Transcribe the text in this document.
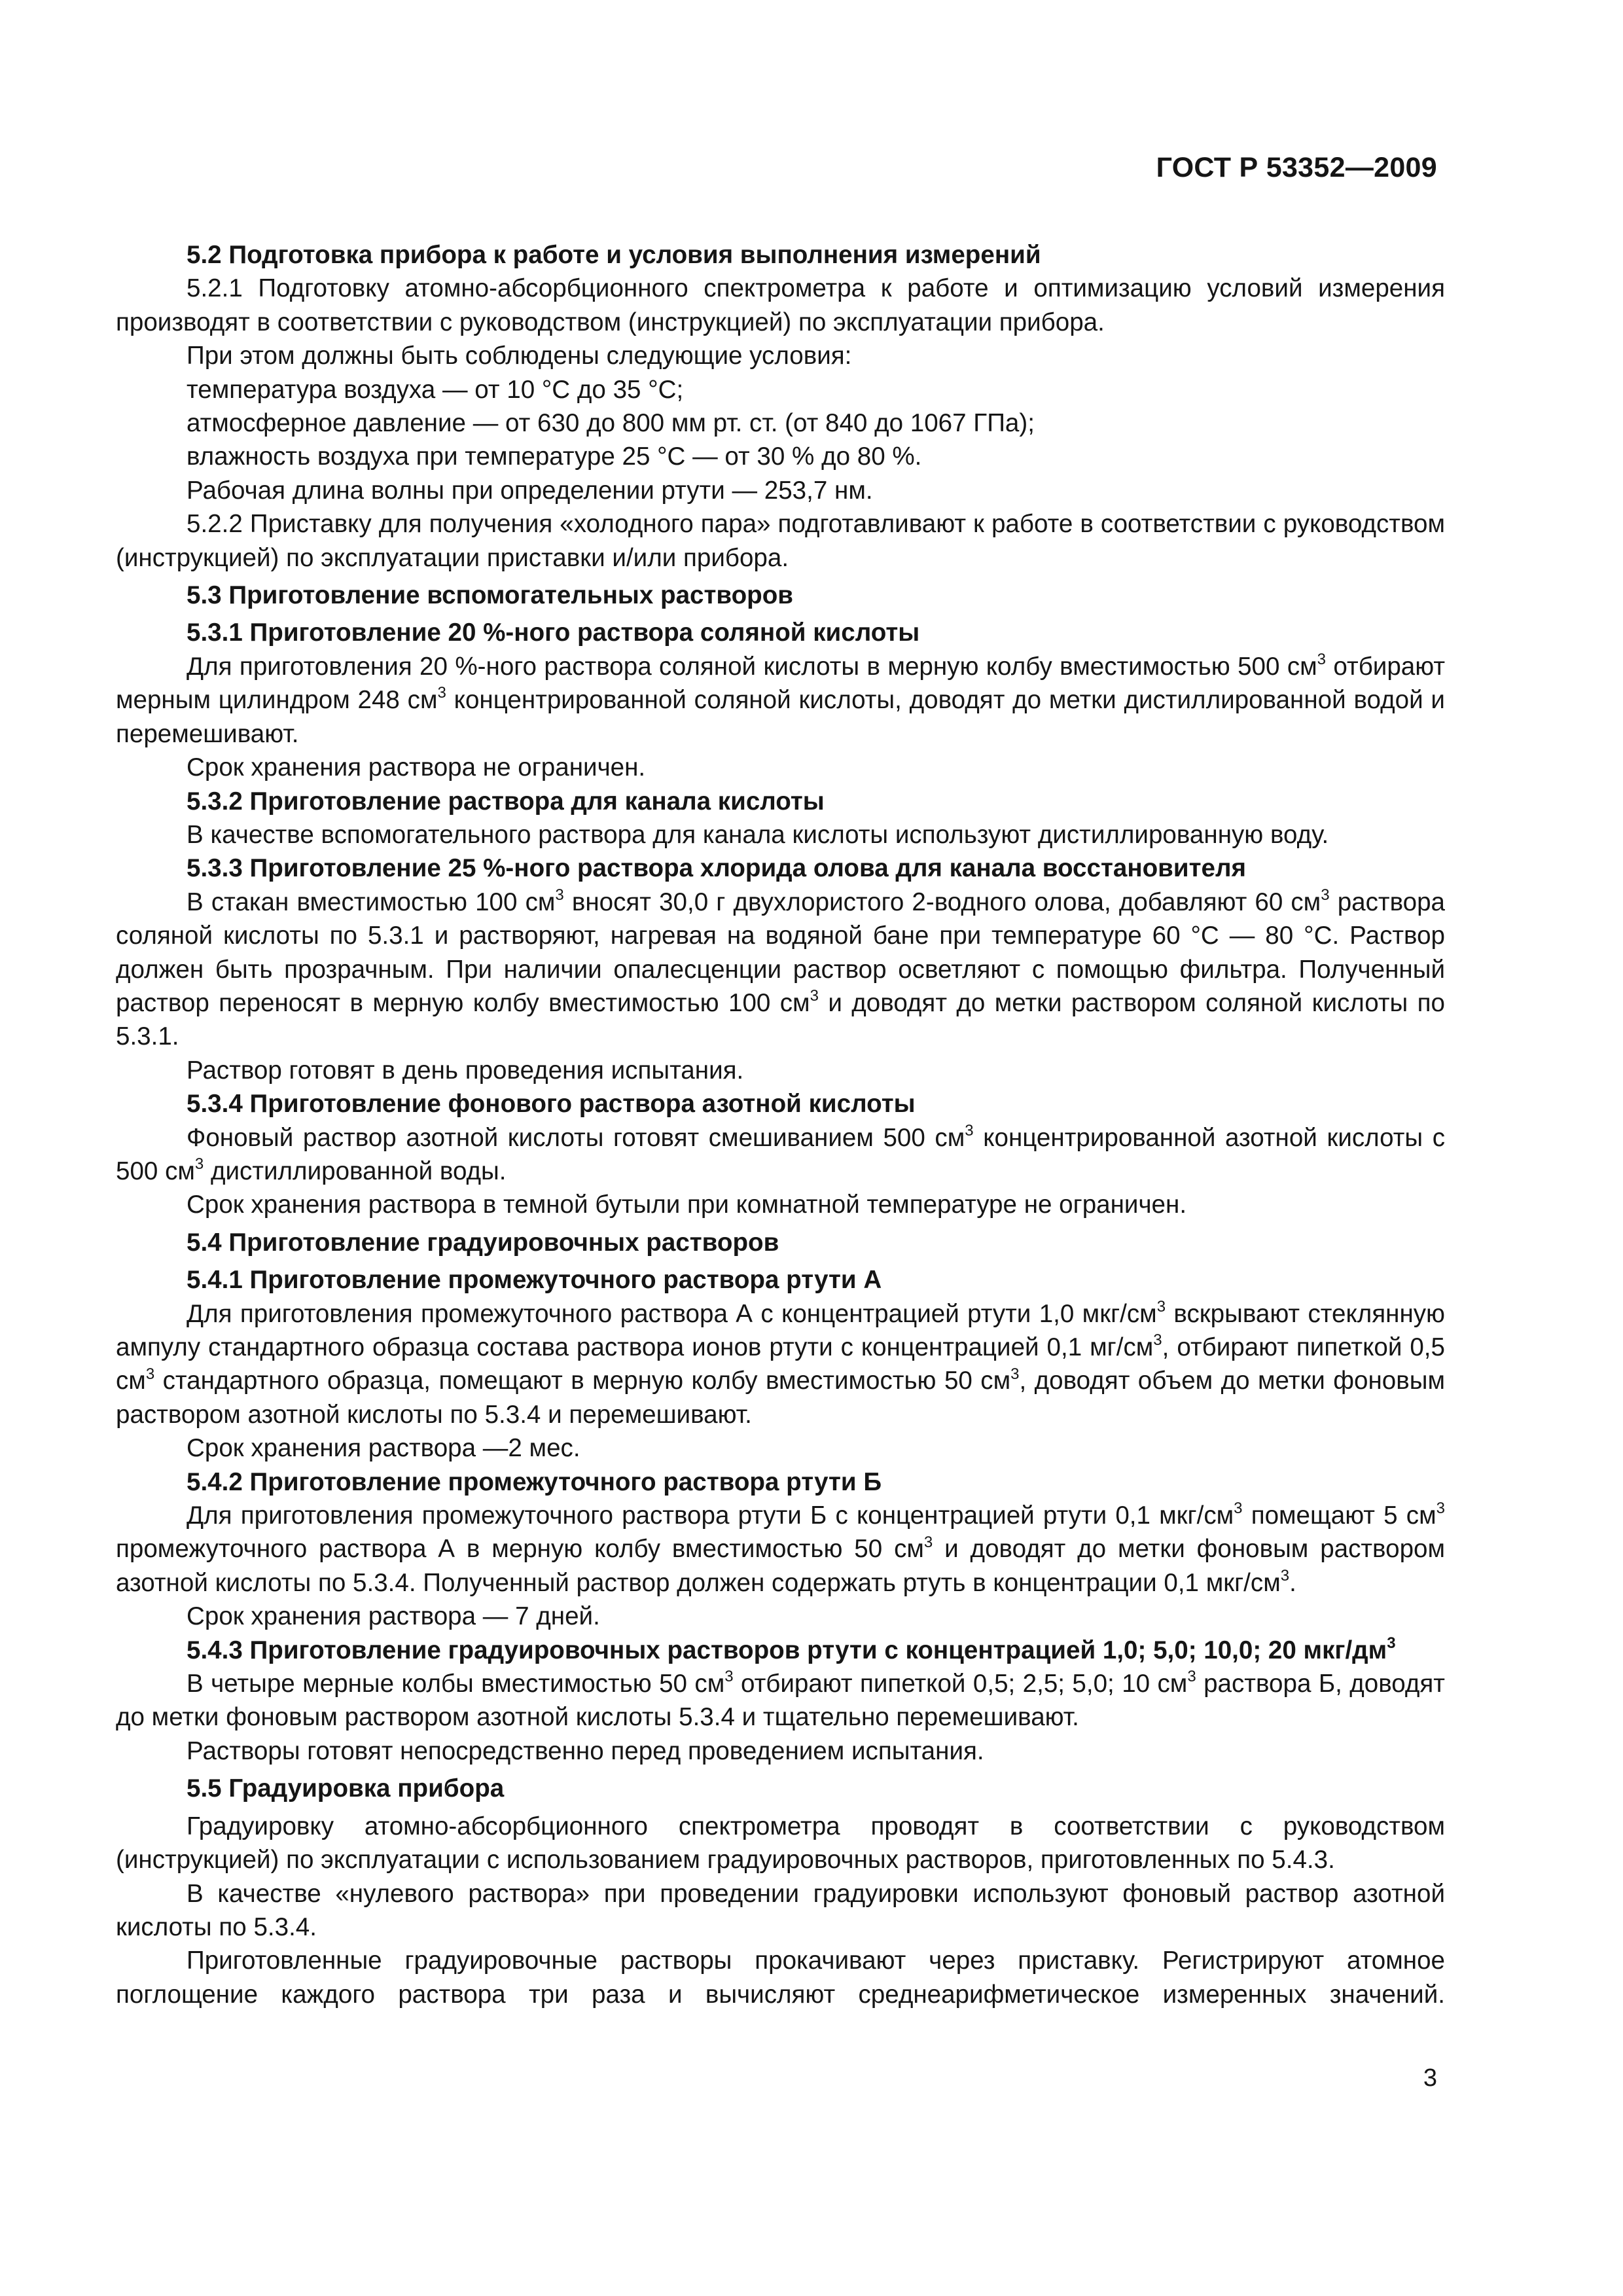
ГОСТ Р 53352—2009
5.2 Подготовка прибора к работе и условия выполнения измерений
5.2.1 Подготовку атомно-абсорбционного спектрометра к работе и оптимизацию условий измерения производят в соответствии с руководством (инструкцией) по эксплуатации прибора.
При этом должны быть соблюдены следующие условия:
температура воздуха — от 10 °С до 35 °С;
атмосферное давление — от 630 до 800 мм рт. ст. (от 840 до 1067 ГПа);
влажность воздуха при температуре 25 °С — от 30 % до 80 %.
Рабочая длина волны при определении ртути — 253,7 нм.
5.2.2 Приставку для получения «холодного пара» подготавливают к работе в соответствии с руководством (инструкцией) по эксплуатации приставки и/или прибора.
5.3 Приготовление вспомогательных растворов
5.3.1 Приготовление 20 %-ного раствора соляной кислоты
Для приготовления 20 %-ного раствора соляной кислоты в мерную колбу вместимостью 500 $см^3$ отбирают мерным цилиндром 248 $см^3$ концентрированной соляной кислоты, доводят до метки дистиллированной водой и перемешивают.
Срок хранения раствора не ограничен.
5.3.2 Приготовление раствора для канала кислоты
В качестве вспомогательного раствора для канала кислоты используют дистиллированную воду.
5.3.3 Приготовление 25 %-ного раствора хлорида олова для канала восстановителя
В стакан вместимостью 100 $см^3$ вносят 30,0 г двухлористого 2-водного олова, добавляют 60 $см^3$ раствора соляной кислоты по 5.3.1 и растворяют, нагревая на водяной бане при температуре 60 °С — 80 °С. Раствор должен быть прозрачным. При наличии опалесценции раствор осветляют с помощью фильтра. Полученный раствор переносят в мерную колбу вместимостью 100 $см^3$ и доводят до метки раствором соляной кислоты по 5.3.1.
Раствор готовят в день проведения испытания.
5.3.4 Приготовление фонового раствора азотной кислоты
Фоновый раствор азотной кислоты готовят смешиванием 500 $см^3$ концентрированной азотной кислоты с 500 $см^3$ дистиллированной воды.
Срок хранения раствора в темной бутыли при комнатной температуре не ограничен.
5.4 Приготовление градуировочных растворов
5.4.1 Приготовление промежуточного раствора ртути А
Для приготовления промежуточного раствора А с концентрацией ртути 1,0 мкг/$см^3$ вскрывают стеклянную ампулу стандартного образца состава раствора ионов ртути с концентрацией 0,1 $мг/см^3$, отбирают пипеткой 0,5 $см^3$ стандартного образца, помещают в мерную колбу вместимостью 50 $см^3$, доводят объем до метки фоновым раствором азотной кислоты по 5.3.4 и перемешивают.
Срок хранения раствора —2 мес.
5.4.2 Приготовление промежуточного раствора ртути Б
Для приготовления промежуточного раствора ртути Б с концентрацией ртути 0,1 мкг/$см^3$ помещают 5 $см^3$ промежуточного раствора А в мерную колбу вместимостью 50 $см^3$ и доводят до метки фоновым раствором азотной кислоты по 5.3.4. Полученный раствор должен содержать ртуть в концентрации 0,1 мкг/$см^3$.
Срок хранения раствора — 7 дней.
5.4.3 Приготовление градуировочных растворов ртути с концентрацией 1,0; 5,0; 10,0; 20 мкг/$дм^3$
В четыре мерные колбы вместимостью 50 $см^3$ отбирают пипеткой 0,5; 2,5; 5,0; 10 $см^3$ раствора Б, доводят до метки фоновым раствором азотной кислоты 5.3.4 и тщательно перемешивают.
Растворы готовят непосредственно перед проведением испытания.
5.5 Градуировка прибора
Градуировку атомно-абсорбционного спектрометра проводят в соответствии с руководством (инструкцией) по эксплуатации с использованием градуировочных растворов, приготовленных по 5.4.3.
В качестве «нулевого раствора» при проведении градуировки используют фоновый раствор азотной кислоты по 5.3.4.
Приготовленные градуировочные растворы прокачивают через приставку. Регистрируют атомное поглощение каждого раствора три раза и вычисляют среднеарифметическое измеренных значений.
3
